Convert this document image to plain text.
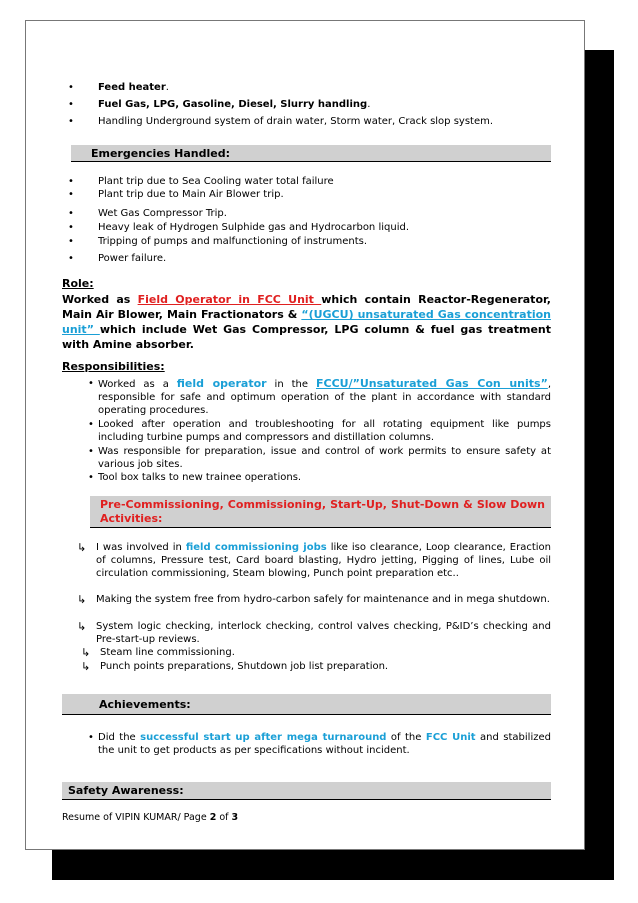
• Feed heater.
• Fuel Gas, LPG, Gasoline, Diesel, Slurry handling.
• Handling Underground system of drain water, Storm water, Crack slop system.
Emergencies Handled:
• Plant trip due to Sea Cooling water total failure
• Plant trip due to Main Air Blower trip.
• Wet Gas Compressor Trip.
• Heavy leak of Hydrogen Sulphide gas and Hydrocarbon liquid.
• Tripping of pumps and malfunctioning of instruments.
• Power failure.
Role:
Worked as Field Operator in FCC Unit which contain Reactor-Regenerator, Main Air Blower, Main Fractionators & “(UGCU) unsaturated Gas concentration unit” which include Wet Gas Compressor, LPG column & fuel gas treatment with Amine absorber.
Responsibilities:
• Worked as a field operator in the FCCU/”Unsaturated Gas Con units”, responsible for safe and optimum operation of the plant in accordance with standard operating procedures.
• Looked after operation and troubleshooting for all rotating equipment like pumps including turbine pumps and compressors and distillation columns.
• Was responsible for preparation, issue and control of work permits to ensure safety at various job sites.
• Tool box talks to new trainee operations.
Pre-Commissioning, Commissioning, Start-Up, Shut-Down & Slow Down Activities:
↳ I was involved in field commissioning jobs like iso clearance, Loop clearance, Eraction of columns, Pressure test, Card board blasting, Hydro jetting, Pigging of lines, Lube oil circulation commissioning, Steam blowing, Punch point preparation etc..
↳ Making the system free from hydro-carbon safely for maintenance and in mega shutdown.
↳ System logic checking, interlock checking, control valves checking, P&ID’s checking and Pre-start-up reviews.
↳ Steam line commissioning.
↳ Punch points preparations, Shutdown job list preparation.
Achievements:
• Did the successful start up after mega turnaround of the FCC Unit and stabilized the unit to get products as per specifications without incident.
Safety Awareness:
Resume of VIPIN KUMAR/ Page 2 of 3
